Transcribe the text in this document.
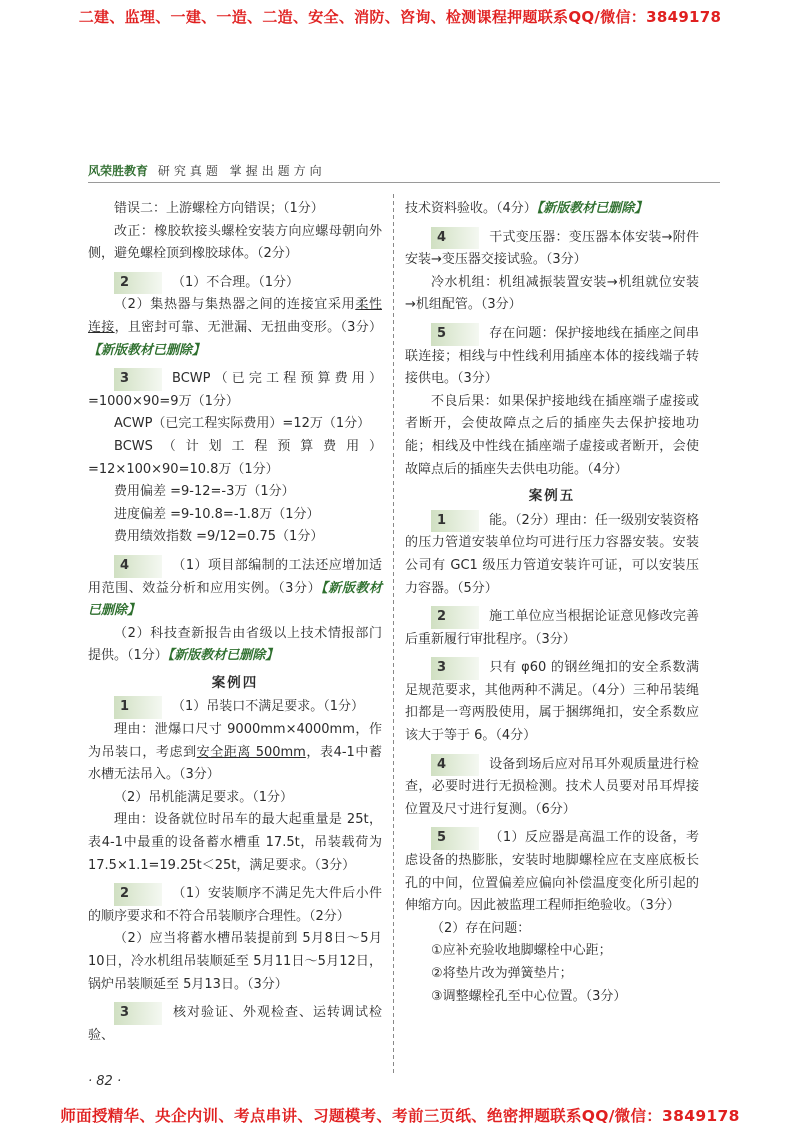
二建、监理、一建、一造、二造、安全、消防、咨询、检测课程押题联系QQ/微信：3849178
风荣胜教育 研究真题 掌握出题方向

错误二：上游螺栓方向错误；（1分）

改正：橡胶软接头螺栓安装方向应螺母朝向外侧，避免螺栓顶到橡胶球体。（2分）

2	（1）不合理。（1分）

（2）集热器与集热器之间的连接宜采用柔性连接，且密封可靠、无泄漏、无扭曲变形。（3分）【新版教材已删除】

3	BCWP（已完工程预算费用）=1000×90=9万（1分）

ACWP（已完工程实际费用）=12万（1分）

BCWS（计划工程预算费用）=12×100×90=10.8万（1分）

费用偏差 =9-12=-3万（1分）

进度偏差 =9-10.8=-1.8万（1分）

费用绩效指数 =9/12=0.75（1分）

4	（1）项目部编制的工法还应增加适用范围、效益分析和应用实例。（3分）【新版教材已删除】

（2）科技查新报告由省级以上技术情报部门提供。（1分）【新版教材已删除】

案例四

1	（1）吊装口不满足要求。（1分）

理由：泄爆口尺寸 9000mm×4000mm，作为吊装口，考虑到安全距离 500mm，表4-1中蓄水槽无法吊入。（3分）

（2）吊机能满足要求。（1分）

理由：设备就位时吊车的最大起重量是 25t，表4-1中最重的设备蓄水槽重 17.5t，吊装载荷为 17.5×1.1=19.25t＜25t，满足要求。（3分）

2	（1）安装顺序不满足先大件后小件的顺序要求和不符合吊装顺序合理性。（2分）

（2）应当将蓄水槽吊装提前到 5月8日～5月10日，冷水机组吊装顺延至 5月11日～5月12日，锅炉吊装顺延至 5月13日。（3分）

3	核对验证、外观检查、运转调试检验、

技术资料验收。（4分）【新版教材已删除】

4	干式变压器：变压器本体安装→附件安装→变压器交接试验。（3分）

冷水机组：机组减振装置安装→机组就位安装→机组配管。（3分）

5	存在问题：保护接地线在插座之间串联连接；相线与中性线利用插座本体的接线端子转接供电。（3分）

不良后果：如果保护接地线在插座端子虚接或者断开，会使故障点之后的插座失去保护接地功能；相线及中性线在插座端子虚接或者断开，会使故障点后的插座失去供电功能。（4分）

案例五

1	能。（2分）理由：任一级别安装资格的压力管道安装单位均可进行压力容器安装。安装公司有 GC1 级压力管道安装许可证，可以安装压力容器。（5分）

2	施工单位应当根据论证意见修改完善后重新履行审批程序。（3分）

3	只有 φ60 的钢丝绳扣的安全系数满足规范要求，其他两种不满足。（4分）三种吊装绳扣都是一弯两股使用，属于捆绑绳扣，安全系数应该大于等于 6。（4分）

4	设备到场后应对吊耳外观质量进行检查，必要时进行无损检测。技术人员要对吊耳焊接位置及尺寸进行复测。（6分）

5	（1）反应器是高温工作的设备，考虑设备的热膨胀，安装时地脚螺栓应在支座底板长孔的中间，位置偏差应偏向补偿温度变化所引起的伸缩方向。因此被监理工程师拒绝验收。（3分）

（2）存在问题：

①应补充验收地脚螺栓中心距；

②将垫片改为弹簧垫片；

③调整螺栓孔至中心位置。（3分）

· 82 ·
师面授精华、央企内训、考点串讲、习题模考、考前三页纸、绝密押题联系QQ/微信：3849178
